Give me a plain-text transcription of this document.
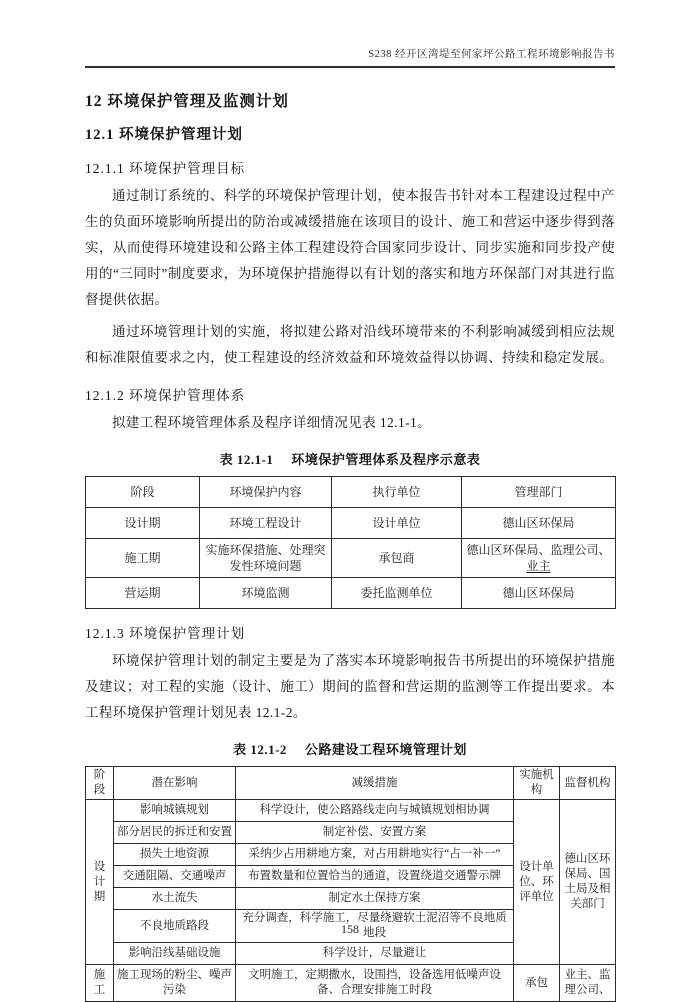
S238 经开区湾堤至何家坪公路工程环境影响报告书
12 环境保护管理及监测计划
12.1 环境保护管理计划
12.1.1 环境保护管理目标

通过制订系统的、科学的环境保护管理计划，使本报告书针对本工程建设过程中产生的负面环境影响所提出的防治或减缓措施在该项目的设计、施工和营运中逐步得到落实，从而使得环境建设和公路主体工程建设符合国家同步设计、同步实施和同步投产使用的“三同时”制度要求，为环境保护措施得以有计划的落实和地方环保部门对其进行监督提供依据。

通过环境管理计划的实施，将拟建公路对沿线环境带来的不利影响减缓到相应法规和标准限值要求之内，使工程建设的经济效益和环境效益得以协调、持续和稳定发展。

12.1.2 环境保护管理体系

拟建工程环境管理体系及程序详细情况见表 12.1-1。

表 12.1-1 环境保护管理体系及程序示意表
阶段	环境保护内容	执行单位	管理部门
设计期	环境工程设计	设计单位	德山区环保局
施工期	实施环保措施、处理突发性环境问题	承包商	德山区环保局、监理公司、业主
营运期	环境监测	委托监测单位	德山区环保局
12.1.3 环境保护管理计划

环境保护管理计划的制定主要是为了落实本环境影响报告书所提出的环境保护措施及建议；对工程的实施（设计、施工）期间的监督和营运期的监测等工作提出要求。本工程环境保护管理计划见表 12.1-2。

表 12.1-2 公路建设工程环境管理计划
阶段	潜在影响	减缓措施	实施机构	监督机构
设计期	影响城镇规划	科学设计，使公路路线走向与城镇规划相协调	设计单位、环评单位	德山区环保局、国土局及相关部门
	部分居民的拆迁和安置	制定补偿、安置方案		
	损失土地资源	采纳少占用耕地方案，对占用耕地实行“占一补一”		
	交通阻隔、交通噪声	布置数量和位置恰当的通道，设置绕道交通警示牌		
	水土流失	制定水土保持方案		
	不良地质路段	充分调查，科学施工，尽量绕避软土泥沼等不良地质地段		
	影响沿线基础设施	科学设计，尽量避让		
施工	施工现场的粉尘、噪声污染	文明施工，定期撒水，设围挡，设备选用低噪声设备、合理安排施工时段	承包	业主、监理公司、
158
